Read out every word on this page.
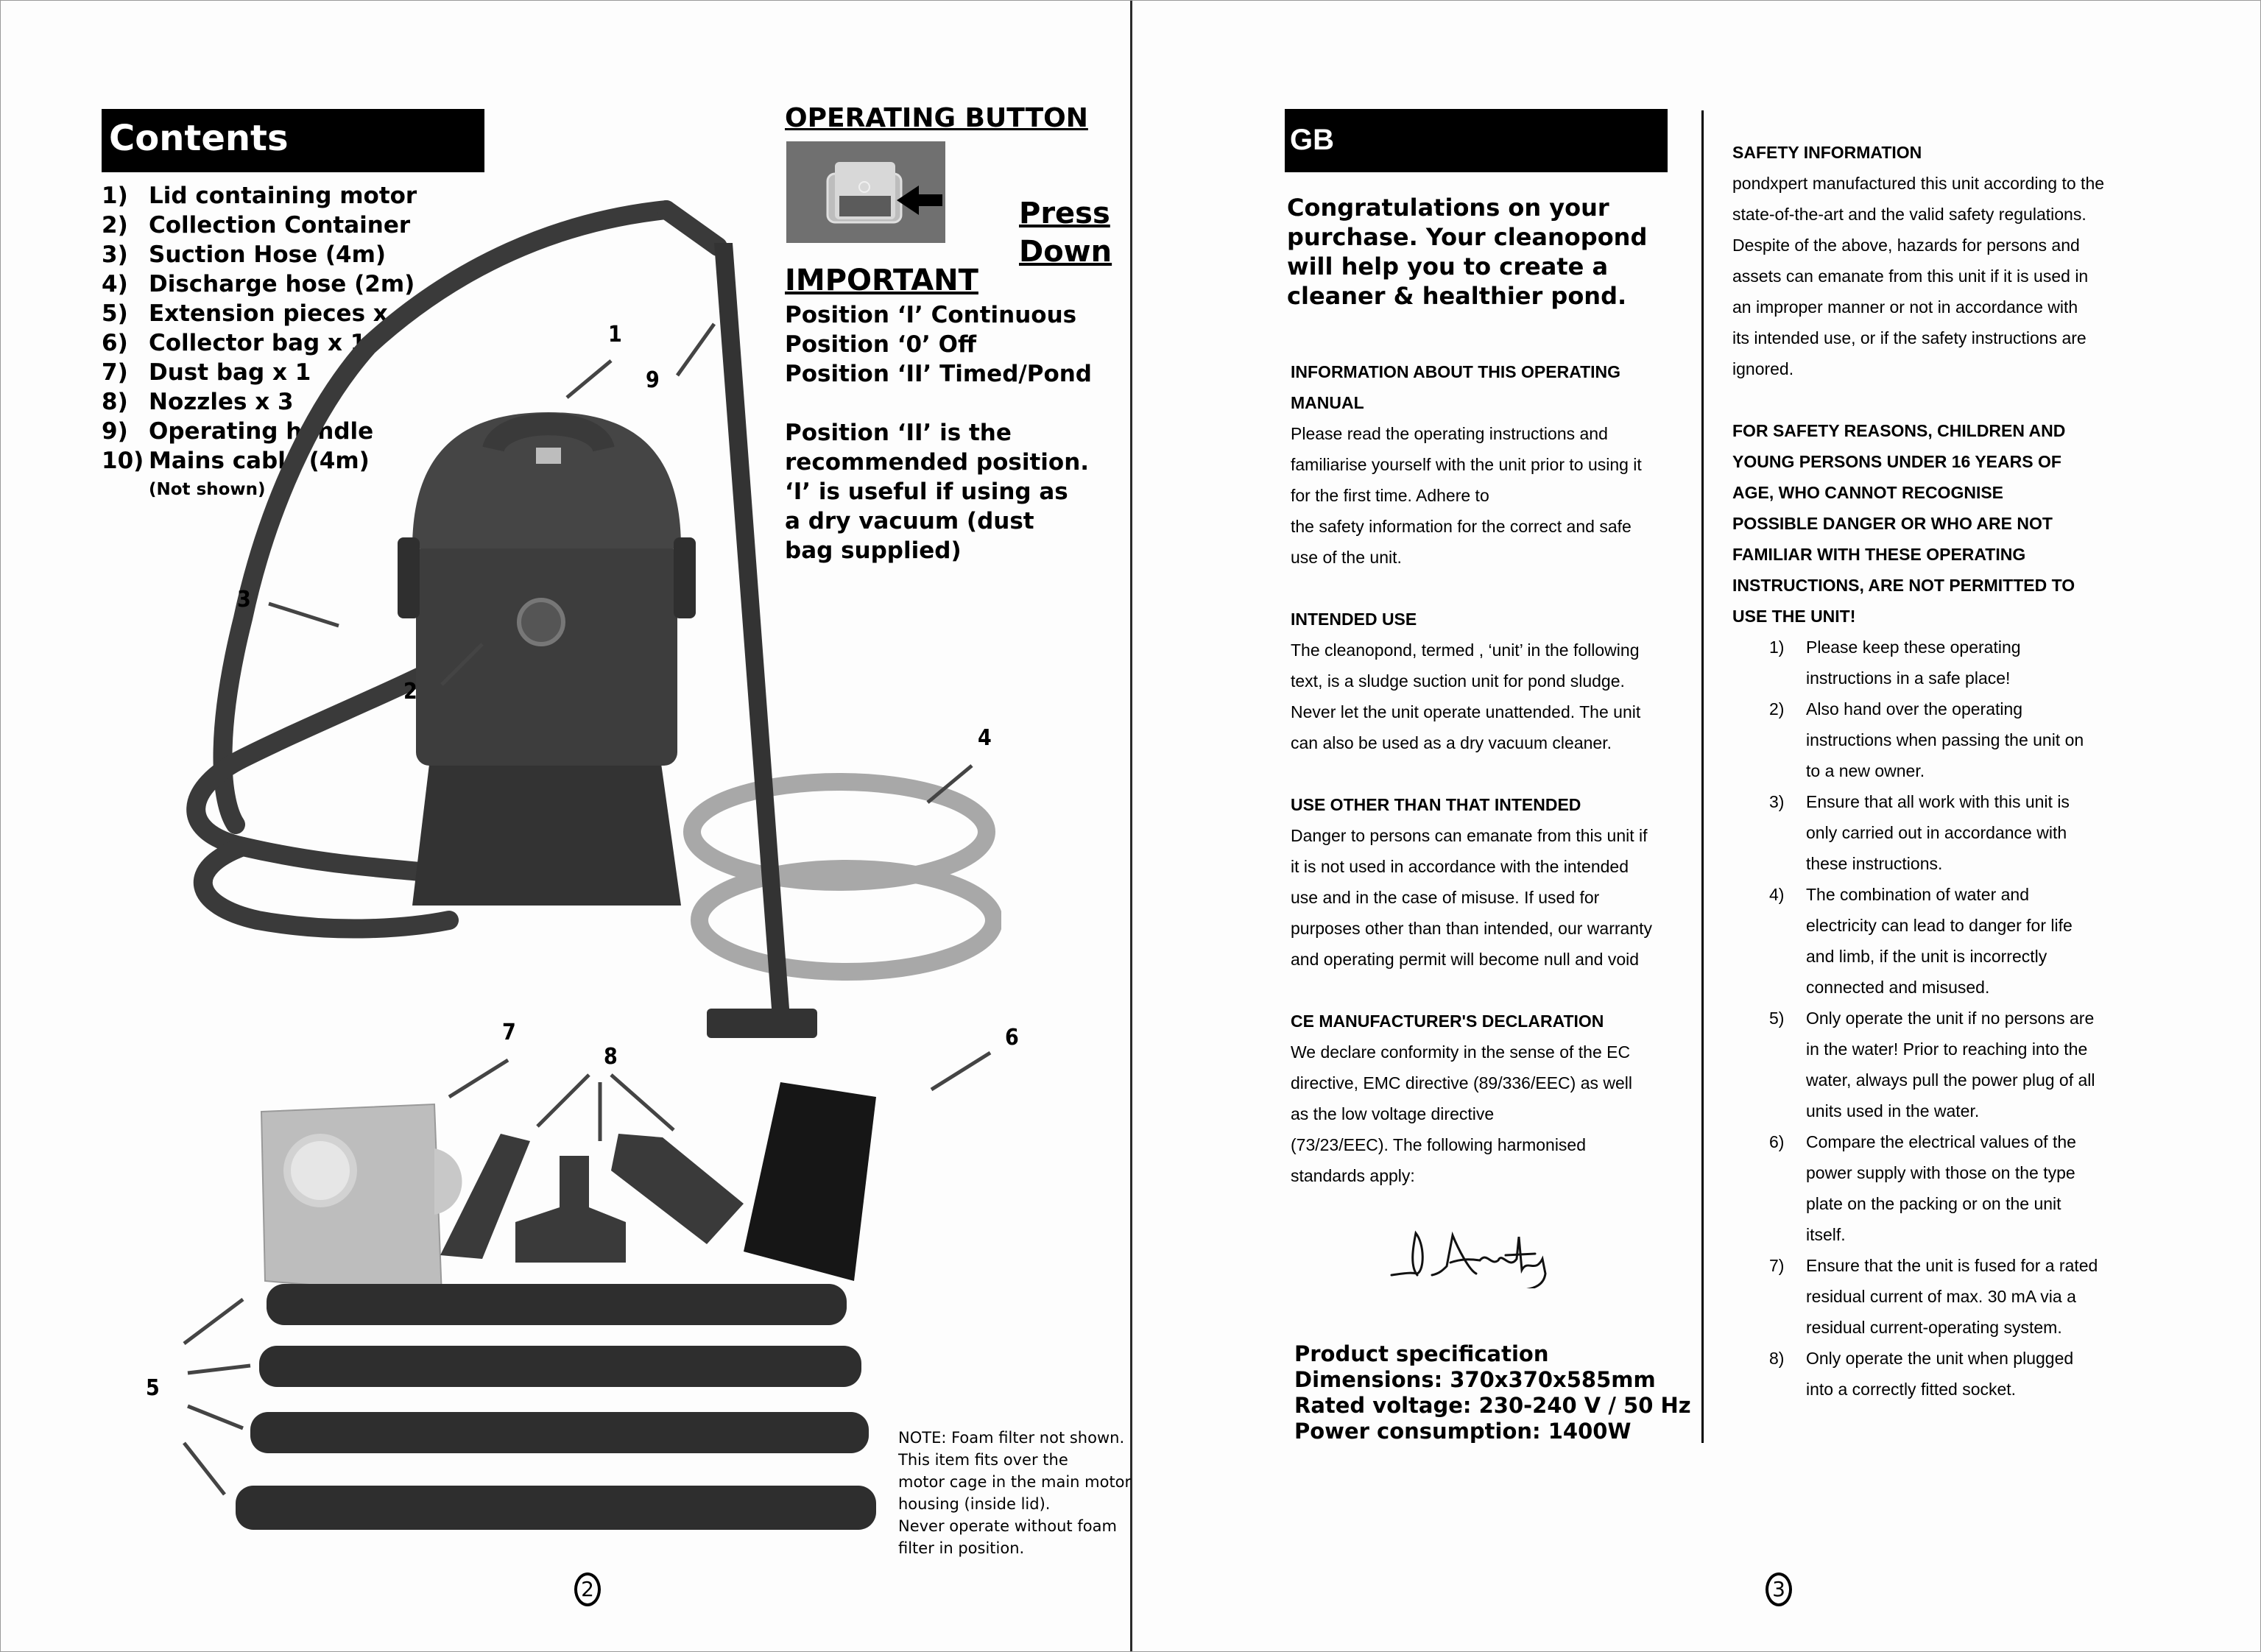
Contents
1) Lid containing motor
2) Collection Container
3) Suction Hose (4m)
4) Discharge hose (2m)
5) Extension pieces x 4
6) Collector bag x 1
7) Dust bag x 1
8) Nozzles x 3
9) Operating handle
10) Mains cable (4m)
(Not shown)
OPERATING BUTTON
Press
Down
IMPORTANT
Position ‘I’ Continuous
Position ‘0’ Off
Position ‘II’ Timed/Pond
Position ‘II’ is the
recommended position.
‘I’ is useful if using as
a dry vacuum (dust
bag supplied)
1
9
3
2
4
7
8
6
5
NOTE: Foam filter not shown.
This item fits over the
motor cage in the main motor
housing (inside lid).
Never operate without foam
filter in position.
2
GB
Congratulations on your
purchase. Your cleanopond
will help you to create a
cleaner & healthier pond.
INFORMATION ABOUT THIS OPERATING
MANUAL
Please read the operating instructions and
familiarise yourself with the unit prior to using it
for the first time. Adhere to
the safety information for the correct and safe
use of the unit.
INTENDED USE
The cleanopond, termed , ‘unit’ in the following
text, is a sludge suction unit for pond sludge.
Never let the unit operate unattended. The unit
can also be used as a dry vacuum cleaner.
USE OTHER THAN THAT INTENDED
Danger to persons can emanate from this unit if
it is not used in accordance with the intended
use and in the case of misuse. If used for
purposes other than than intended, our warranty
and operating permit will become null and void
CE MANUFACTURER'S DECLARATION
We declare conformity in the sense of the EC
directive, EMC directive (89/336/EEC) as well
as the low voltage directive
(73/23/EEC). The following harmonised
standards apply:
Product specification
Dimensions: 370x370x585mm
Rated voltage: 230-240 V / 50 Hz
Power consumption: 1400W
SAFETY INFORMATION
pondxpert manufactured this unit according to the
state-of-the-art and the valid safety regulations.
Despite of the above, hazards for persons and
assets can emanate from this unit if it is used in
an improper manner or not in accordance with
its intended use, or if the safety instructions are
ignored.
FOR SAFETY REASONS, CHILDREN AND
YOUNG PERSONS UNDER 16 YEARS OF
AGE, WHO CANNOT RECOGNISE
POSSIBLE DANGER OR WHO ARE NOT
FAMILIAR WITH THESE OPERATING
INSTRUCTIONS, ARE NOT PERMITTED TO
USE THE UNIT!
1)	Please keep these operating
instructions in a safe place!
2)	Also hand over the operating
instructions when passing the unit on
to a new owner.
3)	Ensure that all work with this unit is
only carried out in accordance with
these instructions.
4)	The combination of water and
electricity can lead to danger for life
and limb, if the unit is incorrectly
connected and misused.
5)	Only operate the unit if no persons are
in the water! Prior to reaching into the
water, always pull the power plug of all
units used in the water.
6)	Compare the electrical values of the
power supply with those on the type
plate on the packing or on the unit
itself.
7)	Ensure that the unit is fused for a rated
residual current of max. 30 mA via a
residual current-operating system.
8)	Only operate the unit when plugged
into a correctly fitted socket.
3
